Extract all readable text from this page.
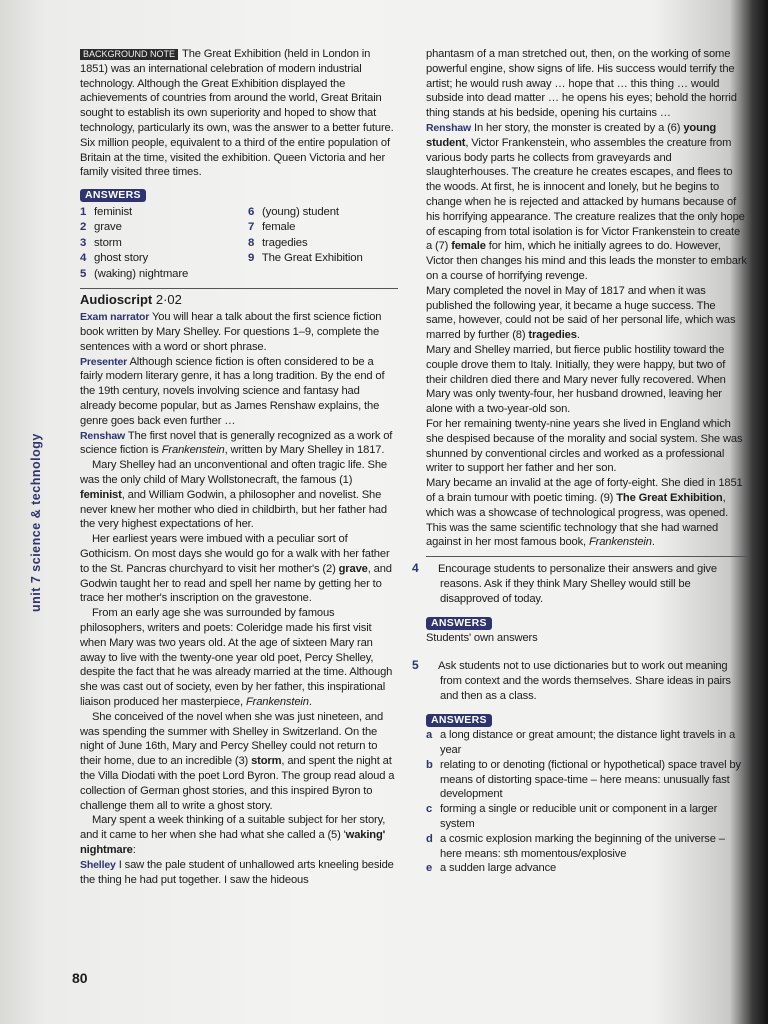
unit 7 science & technology

BACKGROUND NOTE The Great Exhibition (held in London in 1851) was an international celebration of modern industrial technology. Although the Great Exhibition displayed the achievements of countries from around the world, Great Britain sought to establish its own superiority and hoped to show that technology, particularly its own, was the answer to a better future. Six million people, equivalent to a third of the entire population of Britain at the time, visited the exhibition. Queen Victoria and her family visited three times.

ANSWERS
1 feminist	6 (young) student
2 grave	7 female
3 storm	8 tragedies
4 ghost story	9 The Great Exhibition
5 (waking) nightmare
Audioscript 2·02

Exam narrator You will hear a talk about the first science fiction book written by Mary Shelley. For questions 1–9, complete the sentences with a word or short phrase.

Presenter Although science fiction is often considered to be a fairly modern literary genre, it has a long tradition. By the end of the 19th century, novels involving science and fantasy had already become popular, but as James Renshaw explains, the genre goes back even further …

Renshaw The first novel that is generally recognized as a work of science fiction is Frankenstein, written by Mary Shelley in 1817.

Mary Shelley had an unconventional and often tragic life. She was the only child of Mary Wollstonecraft, the famous (1) feminist, and William Godwin, a philosopher and novelist. She never knew her mother who died in childbirth, but her father had the very highest expectations of her.

Her earliest years were imbued with a peculiar sort of Gothicism. On most days she would go for a walk with her father to the St. Pancras churchyard to visit her mother's (2) grave, and Godwin taught her to read and spell her name by getting her to trace her mother's inscription on the gravestone.

From an early age she was surrounded by famous philosophers, writers and poets: Coleridge made his first visit when Mary was two years old. At the age of sixteen Mary ran away to live with the twenty-one year old poet, Percy Shelley, despite the fact that he was already married at the time. Although she was cast out of society, even by her father, this inspirational liaison produced her masterpiece, Frankenstein.

She conceived of the novel when she was just nineteen, and was spending the summer with Shelley in Switzerland. On the night of June 16th, Mary and Percy Shelley could not return to their home, due to an incredible (3) storm, and spent the night at the Villa Diodati with the poet Lord Byron. The group read aloud a collection of German ghost stories, and this inspired Byron to challenge them all to write a ghost story.

Mary spent a week thinking of a suitable subject for her story, and it came to her when she had what she called a (5) 'waking' nightmare:

Shelley I saw the pale student of unhallowed arts kneeling beside the thing he had put together. I saw the hideous

phantasm of a man stretched out, then, on the working of some powerful engine, show signs of life. His success would terrify the artist; he would rush away … hope that … this thing … would subside into dead matter … he opens his eyes; behold the horrid thing stands at his bedside, opening his curtains …

Renshaw In her story, the monster is created by a (6) young student, Victor Frankenstein, who assembles the creature from various body parts he collects from graveyards and slaughterhouses. The creature he creates escapes, and flees to the woods. At first, he is innocent and lonely, but he begins to change when he is rejected and attacked by humans because of his horrifying appearance. The creature realizes that the only hope of escaping from total isolation is for Victor Frankenstein to create a (7) female for him, which he initially agrees to do. However, Victor then changes his mind and this leads the monster to embark on a course of horrifying revenge.

Mary completed the novel in May of 1817 and when it was published the following year, it became a huge success. The same, however, could not be said of her personal life, which was marred by further (8) tragedies.

Mary and Shelley married, but fierce public hostility toward the couple drove them to Italy. Initially, they were happy, but two of their children died there and Mary never fully recovered. When Mary was only twenty-four, her husband drowned, leaving her alone with a two-year-old son.

For her remaining twenty-nine years she lived in England which she despised because of the morality and social system. She was shunned by conventional circles and worked as a professional writer to support her father and her son.

Mary became an invalid at the age of forty-eight. She died in 1851 of a brain tumour with poetic timing. (9) The Great Exhibition, which was a showcase of technological progress, was opened. This was the same scientific technology that she had warned against in her most famous book, Frankenstein.

4 Encourage students to personalize their answers and give reasons. Ask if they think Mary Shelley would still be disapproved of today.

ANSWERS

Students' own answers

5 Ask students not to use dictionaries but to work out meaning from context and the words themselves. Share ideas in pairs and then as a class.

ANSWERS

a a long distance or great amount; the distance light travels in a year

b relating to or denoting (fictional or hypothetical) space travel by means of distorting space-time – here means: unusually fast development

c forming a single or reducible unit or component in a larger system

d a cosmic explosion marking the beginning of the universe – here means: sth momentous/explosive

e a sudden large advance

80
